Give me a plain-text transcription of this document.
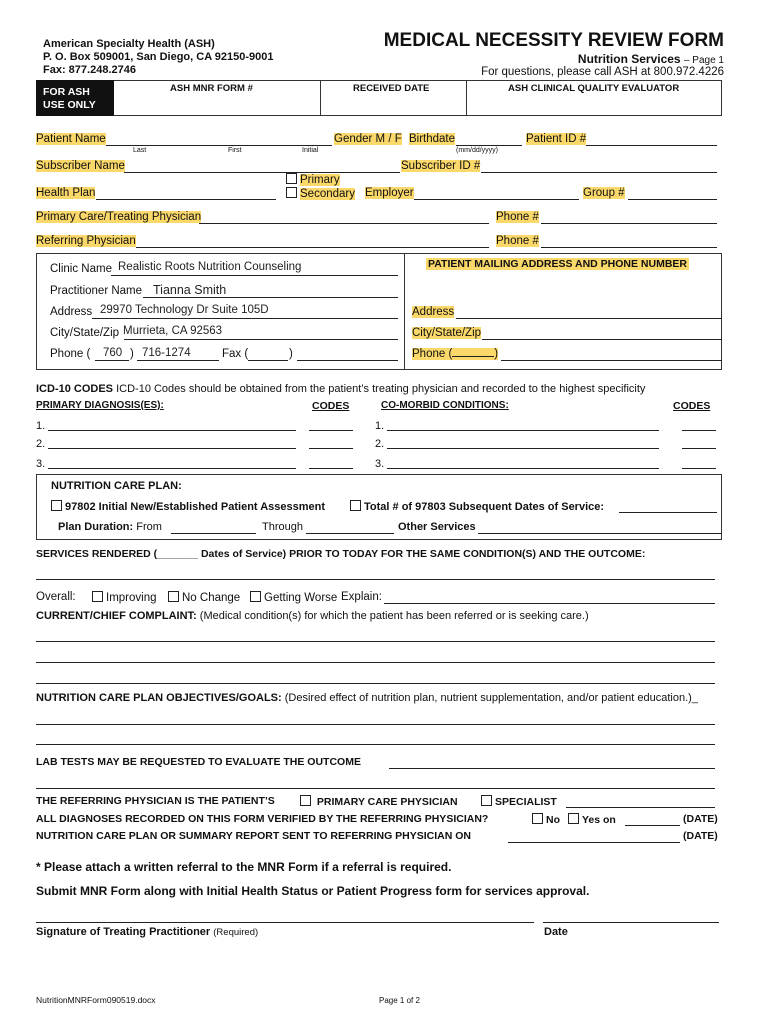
American Specialty Health (ASH)
P. O. Box 509001, San Diego, CA 92150-9001
Fax: 877.248.2746
MEDICAL NECESSITY REVIEW FORM
Nutrition Services – Page 1
For questions, please call ASH at 800.972.4226
FOR ASH USE ONLY
ASH MNR FORM #	RECEIVED DATE	ASH CLINICAL QUALITY EVALUATOR
Patient Name
Last	First	Initial
Gender M / F Birthdate
(mm/dd/yyyy)
Patient ID #
Subscriber Name	Subscriber ID #
Health Plan
Primary
Secondary Employer	Group #
Primary Care/Treating Physician	Phone #
Referring Physician	Phone #
Clinic Name Realistic Roots Nutrition Counseling
Practitioner Name Tianna Smith
Address 29970 Technology Dr Suite 105D
City/State/Zip Murrieta, CA 92563
Phone ( 760 ) 716-1274	Fax (	)
PATIENT MAILING ADDRESS AND PHONE NUMBER
Address
City/State/Zip
Phone (	)
ICD-10 CODES ICD-10 Codes should be obtained from the patient’s treating physician and recorded to the highest specificity
PRIMARY DIAGNOSIS(ES):	CODES	CO-MORBID CONDITIONS:	CODES
1.	1.
2.	2.
3.	3.
NUTRITION CARE PLAN:
97802 Initial New/Established Patient Assessment	Total # of 97803 Subsequent Dates of Service:
Plan Duration: From	Through	Other Services
SERVICES RENDERED (_______ Dates of Service) PRIOR TO TODAY FOR THE SAME CONDITION(S) AND THE OUTCOME:
Overall:	Improving	No Change	Getting Worse Explain:
CURRENT/CHIEF COMPLAINT: (Medical condition(s) for which the patient has been referred or is seeking care.)
NUTRITION CARE PLAN OBJECTIVES/GOALS: (Desired effect of nutrition plan, nutrient supplementation, and/or patient education.)_
LAB TESTS MAY BE REQUESTED TO EVALUATE THE OUTCOME
THE REFERRING PHYSICIAN IS THE PATIENT’S	PRIMARY CARE PHYSICIAN	SPECIALIST
ALL DIAGNOSES RECORDED ON THIS FORM VERIFIED BY THE REFERRING PHYSICIAN?	No	Yes on	(DATE)
NUTRITION CARE PLAN OR SUMMARY REPORT SENT TO REFERRING PHYSICIAN ON	(DATE)
* Please attach a written referral to the MNR Form if a referral is required.
Submit MNR Form along with Initial Health Status or Patient Progress form for services approval.
Signature of Treating Practitioner (Required)	Date
NutritionMNRForm090519.docx	Page 1 of 2
